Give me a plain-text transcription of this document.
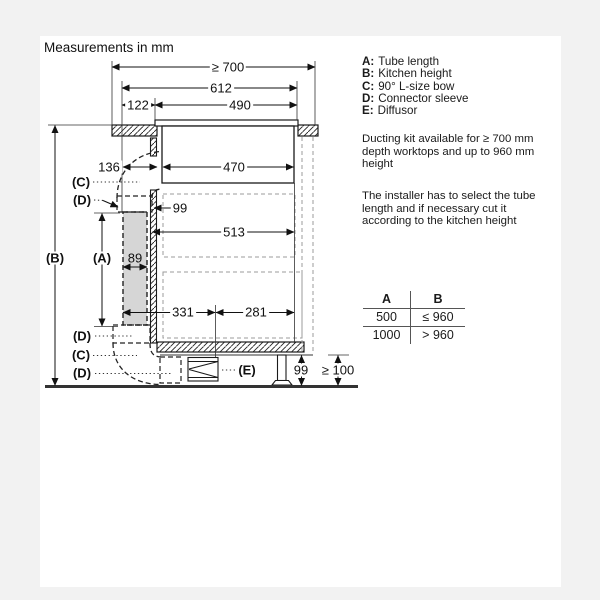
Measurements in mm
≥ 700
612
122	490
136	470
99
513
89
331	281
99 ≥ 100
(C)
(D)
(B) (A)
(D)
(C)
(D)	(E)
A: Tube length
B: Kitchen height
C: 90° L-size bow
D: Connector sleeve
E: Diffusor
Ducting kit available for ≥ 700 mm
depth worktops and up to 960 mm
height
The installer has to select the tube
length and if necessary cut it
according to the kitchen height
A	B
500	≤ 960
1000	> 960
